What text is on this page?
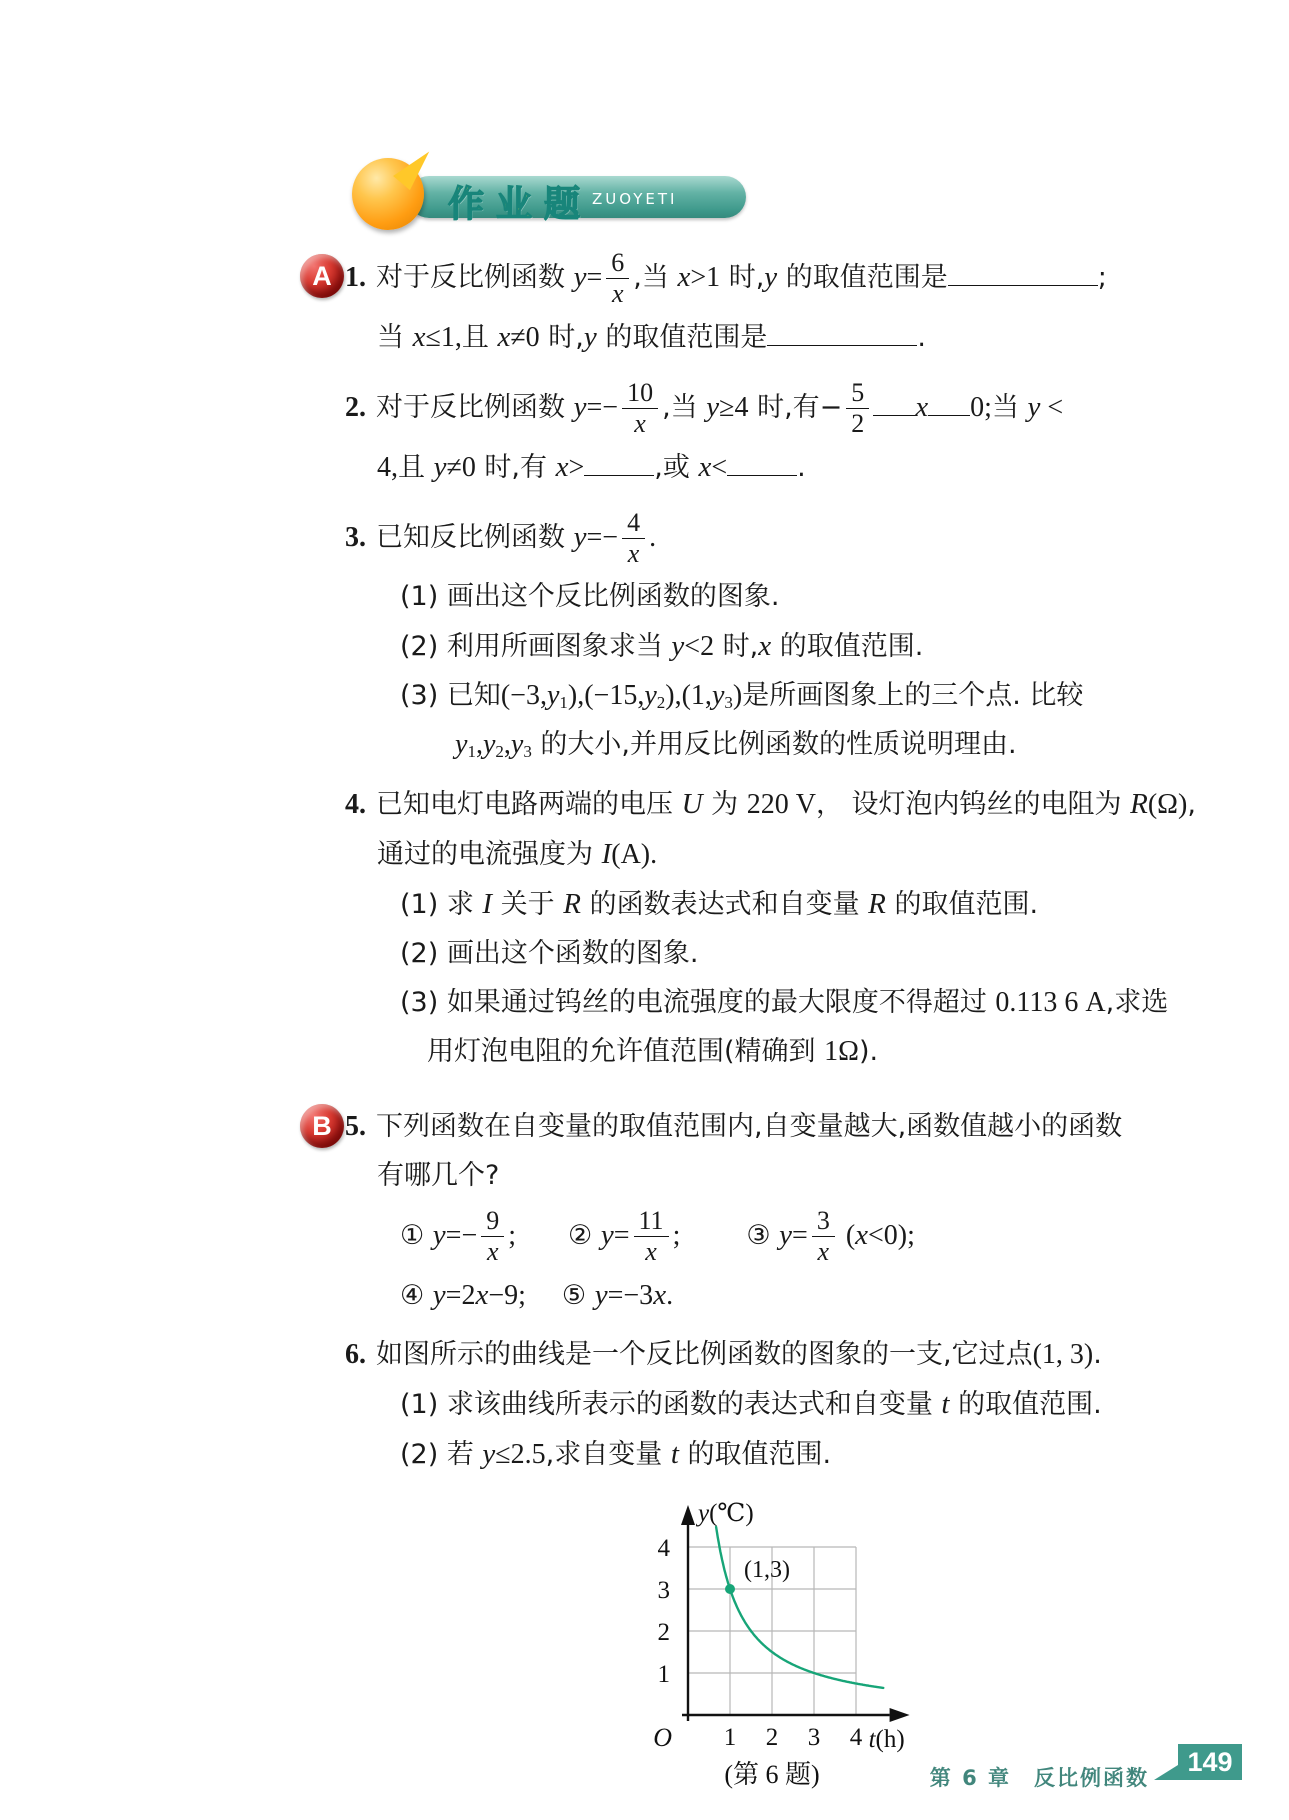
作业题 ZUOYETI
A 1. 对于反比例函数 $y= \frac{6}{x}$ ,当 x>1 时,y 的取值范围是	;
当 x≤1,且 x≠0 时,y 的取值范围是	.
2. 对于反比例函数 $y=- \frac{10}{x}$ ,当 y≥4 时,有− $\frac{5}{2}$ x 0;当 y <
4,且 y≠0 时,有 x>	,或 x<	.
3. 已知反比例函数 $y=- \frac{4}{x}$ .
(1) 画出这个反比例函数的图象.
(2) 利用所画图象求当 y<2 时,x 的取值范围.
(3) 已知$(-3,y_1),(-15,y_2),(1,y_3)$是所画图象上的三个点. 比较
$y_1,y_2,y_3$ 的大小,并用反比例函数的性质说明理由.
4. 已知电灯电路两端的电压 U 为 220 V， 设灯泡内钨丝的电阻为 R(Ω),
通过的电流强度为 I(A).
(1) 求 I 关于 R 的函数表达式和自变量 R 的取值范围.
(2) 画出这个函数的图象.
(3) 如果通过钨丝的电流强度的最大限度不得超过 0.113 6 A,求选
用灯泡电阻的允许值范围(精确到 1Ω).
B 5. 下列函数在自变量的取值范围内,自变量越大,函数值越小的函数
有哪几个?
① $y=- \frac{9}{x}$ ; ② $y= \frac{11}{x}$ ; ③ $y= \frac{3}{x} (x<0)$;
④ y=2x−9; ⑤ y=−3x.
6. 如图所示的曲线是一个反比例函数的图象的一支,它过点(1, 3).
(1) 求该曲线所表示的函数的表达式和自变量 t 的取值范围.
(2) 若 y≤2.5,求自变量 t 的取值范围.
1 2 3 4
1
2
3
4
O	t(h)
y(℃)
(1,3)
(第 6 题)	第 6 章　反比例函数
149
